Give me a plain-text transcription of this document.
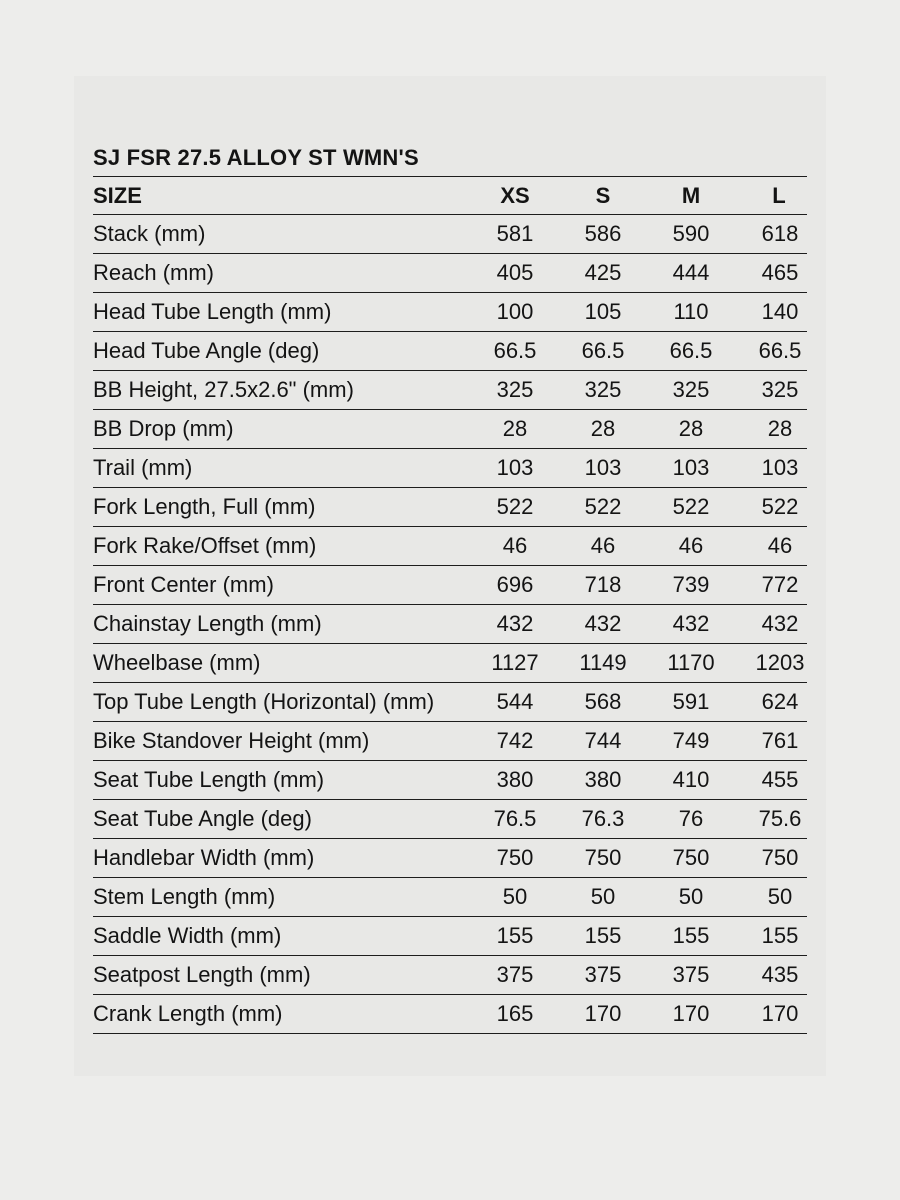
SJ FSR 27.5 ALLOY ST WMN'S
SIZE	XS	S	M	L
Stack (mm)	581	586	590	618
Reach (mm)	405	425	444	465
Head Tube Length (mm)	100	105	110	140
Head Tube Angle (deg)	66.5	66.5	66.5	66.5
BB Height, 27.5x2.6" (mm)	325	325	325	325
BB Drop (mm)	28	28	28	28
Trail (mm)	103	103	103	103
Fork Length, Full (mm)	522	522	522	522
Fork Rake/Offset (mm)	46	46	46	46
Front Center (mm)	696	718	739	772
Chainstay Length (mm)	432	432	432	432
Wheelbase (mm)	1127	1149	1170	1203
Top Tube Length (Horizontal) (mm)	544	568	591	624
Bike Standover Height (mm)	742	744	749	761
Seat Tube Length (mm)	380	380	410	455
Seat Tube Angle (deg)	76.5	76.3	76	75.6
Handlebar Width (mm)	750	750	750	750
Stem Length (mm)	50	50	50	50
Saddle Width (mm)	155	155	155	155
Seatpost Length (mm)	375	375	375	435
Crank Length (mm)	165	170	170	170
